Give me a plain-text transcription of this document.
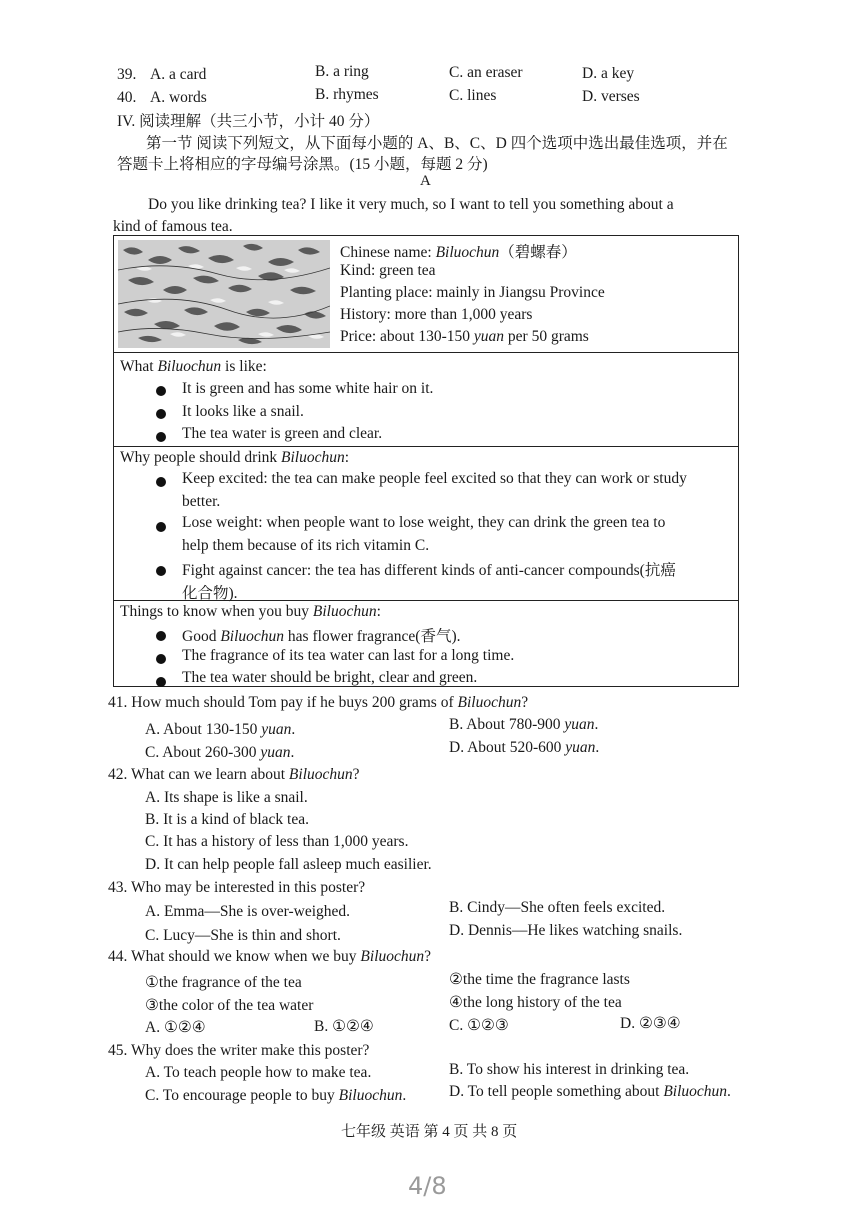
39. A. a card	B. a ring	C. an eraser	D. a key
40. A. words	B. rhymes	C. lines	D. verses
IV. 阅读理解（共三小节，小计 40 分）
第一节 阅读下列短文，从下面每小题的 A、B、C、D 四个选项中选出最佳选项，并在
答题卡上将相应的字母编号涂黑。(15 小题，每题 2 分)
A
Do you like drinking tea? I like it very much, so I want to tell you something about a
kind of famous tea.
Chinese name: Biluochun（碧螺春）
Kind: green tea
Planting place: mainly in Jiangsu Province
History: more than 1,000 years
Price: about 130-150 yuan per 50 grams
What Biluochun is like:
It is green and has some white hair on it.
It looks like a snail.
The tea water is green and clear.
Why people should drink Biluochun:
Keep excited: the tea can make people feel excited so that they can work or study
better.
Lose weight: when people want to lose weight, they can drink the green tea to
help them because of its rich vitamin C.
Fight against cancer: the tea has different kinds of anti-cancer compounds(抗癌
化合物).
Things to know when you buy Biluochun:
Good Biluochun has flower fragrance(香气).
The fragrance of its tea water can last for a long time.
The tea water should be bright, clear and green.
41. How much should Tom pay if he buys 200 grams of Biluochun?
A. About 130-150 yuan.	B. About 780-900 yuan.
C. About 260-300 yuan.	D. About 520-600 yuan.
42. What can we learn about Biluochun?
A. Its shape is like a snail.
B. It is a kind of black tea.
C. It has a history of less than 1,000 years.
D. It can help people fall asleep much easilier.
43. Who may be interested in this poster?
A. Emma—She is over-weighed.	B. Cindy—She often feels excited.
C. Lucy—She is thin and short.	D. Dennis—He likes watching snails.
44. What should we know when we buy Biluochun?
①the fragrance of the tea	②the time the fragrance lasts
③the color of the tea water	④the long history of the tea
A. ①②④	B. ①②④	C. ①②③	D. ②③④
45. Why does the writer make this poster?
A. To teach people how to make tea.	B. To show his interest in drinking tea.
C. To encourage people to buy Biluochun.	D. To tell people something about Biluochun.
七年级 英语 第 4 页 共 8 页
4/8
